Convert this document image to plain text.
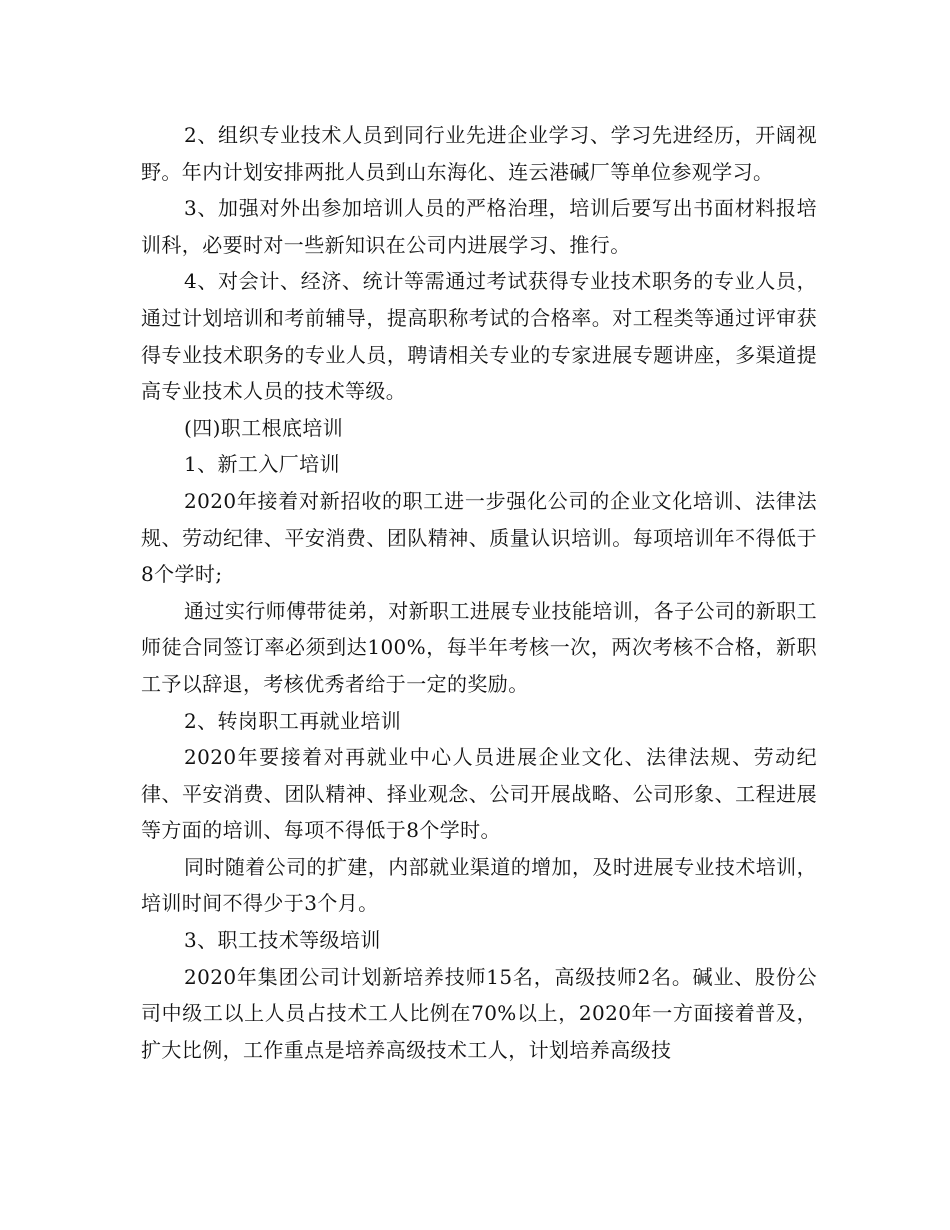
2、组织专业技术人员到同行业先进企业学习、学习先进经历，开阔视野。年内计划安排两批人员到山东海化、连云港碱厂等单位参观学习。

3、加强对外出参加培训人员的严格治理，培训后要写出书面材料报培训科，必要时对一些新知识在公司内进展学习、推行。

4、对会计、经济、统计等需通过考试获得专业技术职务的专业人员，通过计划培训和考前辅导，提高职称考试的合格率。对工程类等通过评审获得专业技术职务的专业人员，聘请相关专业的专家进展专题讲座，多渠道提高专业技术人员的技术等级。

(四)职工根底培训

1、新工入厂培训

2020年接着对新招收的职工进一步强化公司的企业文化培训、法律法规、劳动纪律、平安消费、团队精神、质量认识培训。每项培训年不得低于8个学时;

通过实行师傅带徒弟，对新职工进展专业技能培训，各子公司的新职工师徒合同签订率必须到达100%，每半年考核一次，两次考核不合格，新职工予以辞退，考核优秀者给于一定的奖励。

2、转岗职工再就业培训

2020年要接着对再就业中心人员进展企业文化、法律法规、劳动纪律、平安消费、团队精神、择业观念、公司开展战略、公司形象、工程进展等方面的培训、每项不得低于8个学时。

同时随着公司的扩建，内部就业渠道的增加，及时进展专业技术培训，培训时间不得少于3个月。

3、职工技术等级培训

2020年集团公司计划新培养技师15名，高级技师2名。碱业、股份公司中级工以上人员占技术工人比例在70%以上，2020年一方面接着普及，扩大比例，工作重点是培养高级技术工人，计划培养高级技
